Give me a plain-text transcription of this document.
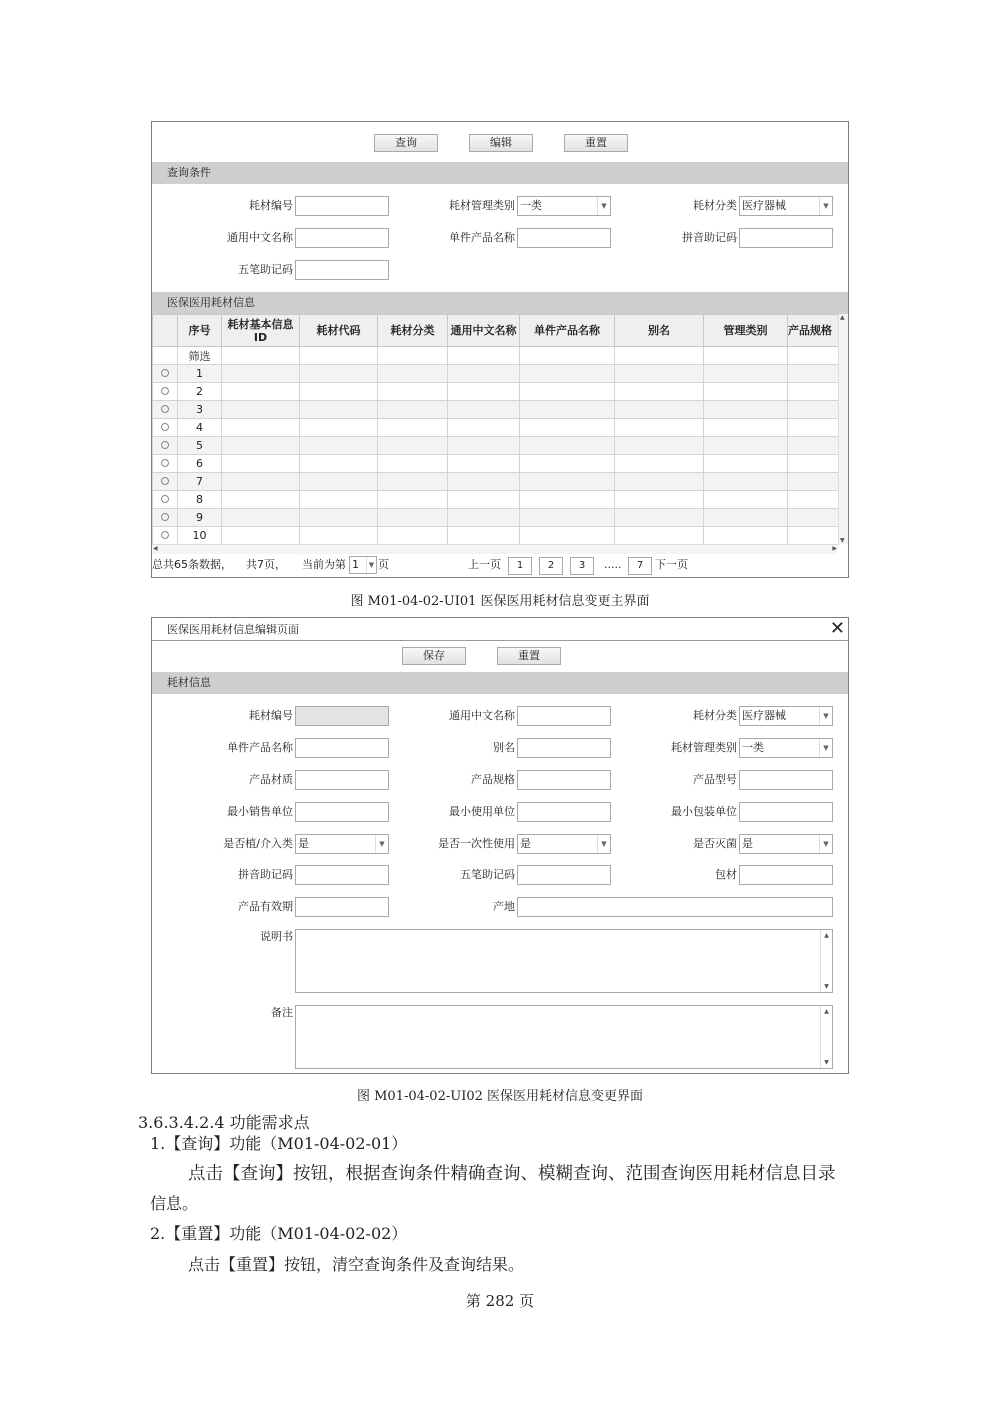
查询	编辑	重置
查询条件
耗材编号	耗材管理类别 一类	▼	耗材分类 医疗器械	▼
通用中文名称	单件产品名称	拼音助记码
五笔助记码
医保医用耗材信息
	序号	耗材基本信息ID	耗材代码	耗材分类	通用中文名称	单件产品名称	别名	管理类别	产品规格
	筛选								
	1								
	2								
	3								
	4								
	5								
	6								
	7								
	8								
	9								
	10								
▲
▼
◀	▶
总共65条数据， 共7页， 当前为第 1	▼ 页	上一页	1	2	3	.....	7	下一页
图 M01-04-02-UI01 医保医用耗材信息变更主界面
医保医用耗材信息编辑页面	✕
保存	重置
耗材信息
耗材编号	通用中文名称	耗材分类 医疗器械	▼
单件产品名称	别名	耗材管理类别 一类	▼
产品材质	产品规格	产品型号
最小销售单位	最小使用单位	最小包装单位
是否植/介入类 是	▼	是否一次性使用 是	▼	是否灭菌 是	▼
拼音助记码	五笔助记码	包材
产品有效期	产地
说明书	▲
▼
备注	▲
▼
图 M01-04-02-UI02 医保医用耗材信息变更界面
3.6.3.4.2.4 功能需求点
1.【查询】功能（M01-04-02-01）
点击【查询】按钮，根据查询条件精确查询、模糊查询、范围查询医用耗材信息目录
信息。
2.【重置】功能（M01-04-02-02）
点击【重置】按钮，清空查询条件及查询结果。
第 282 页
